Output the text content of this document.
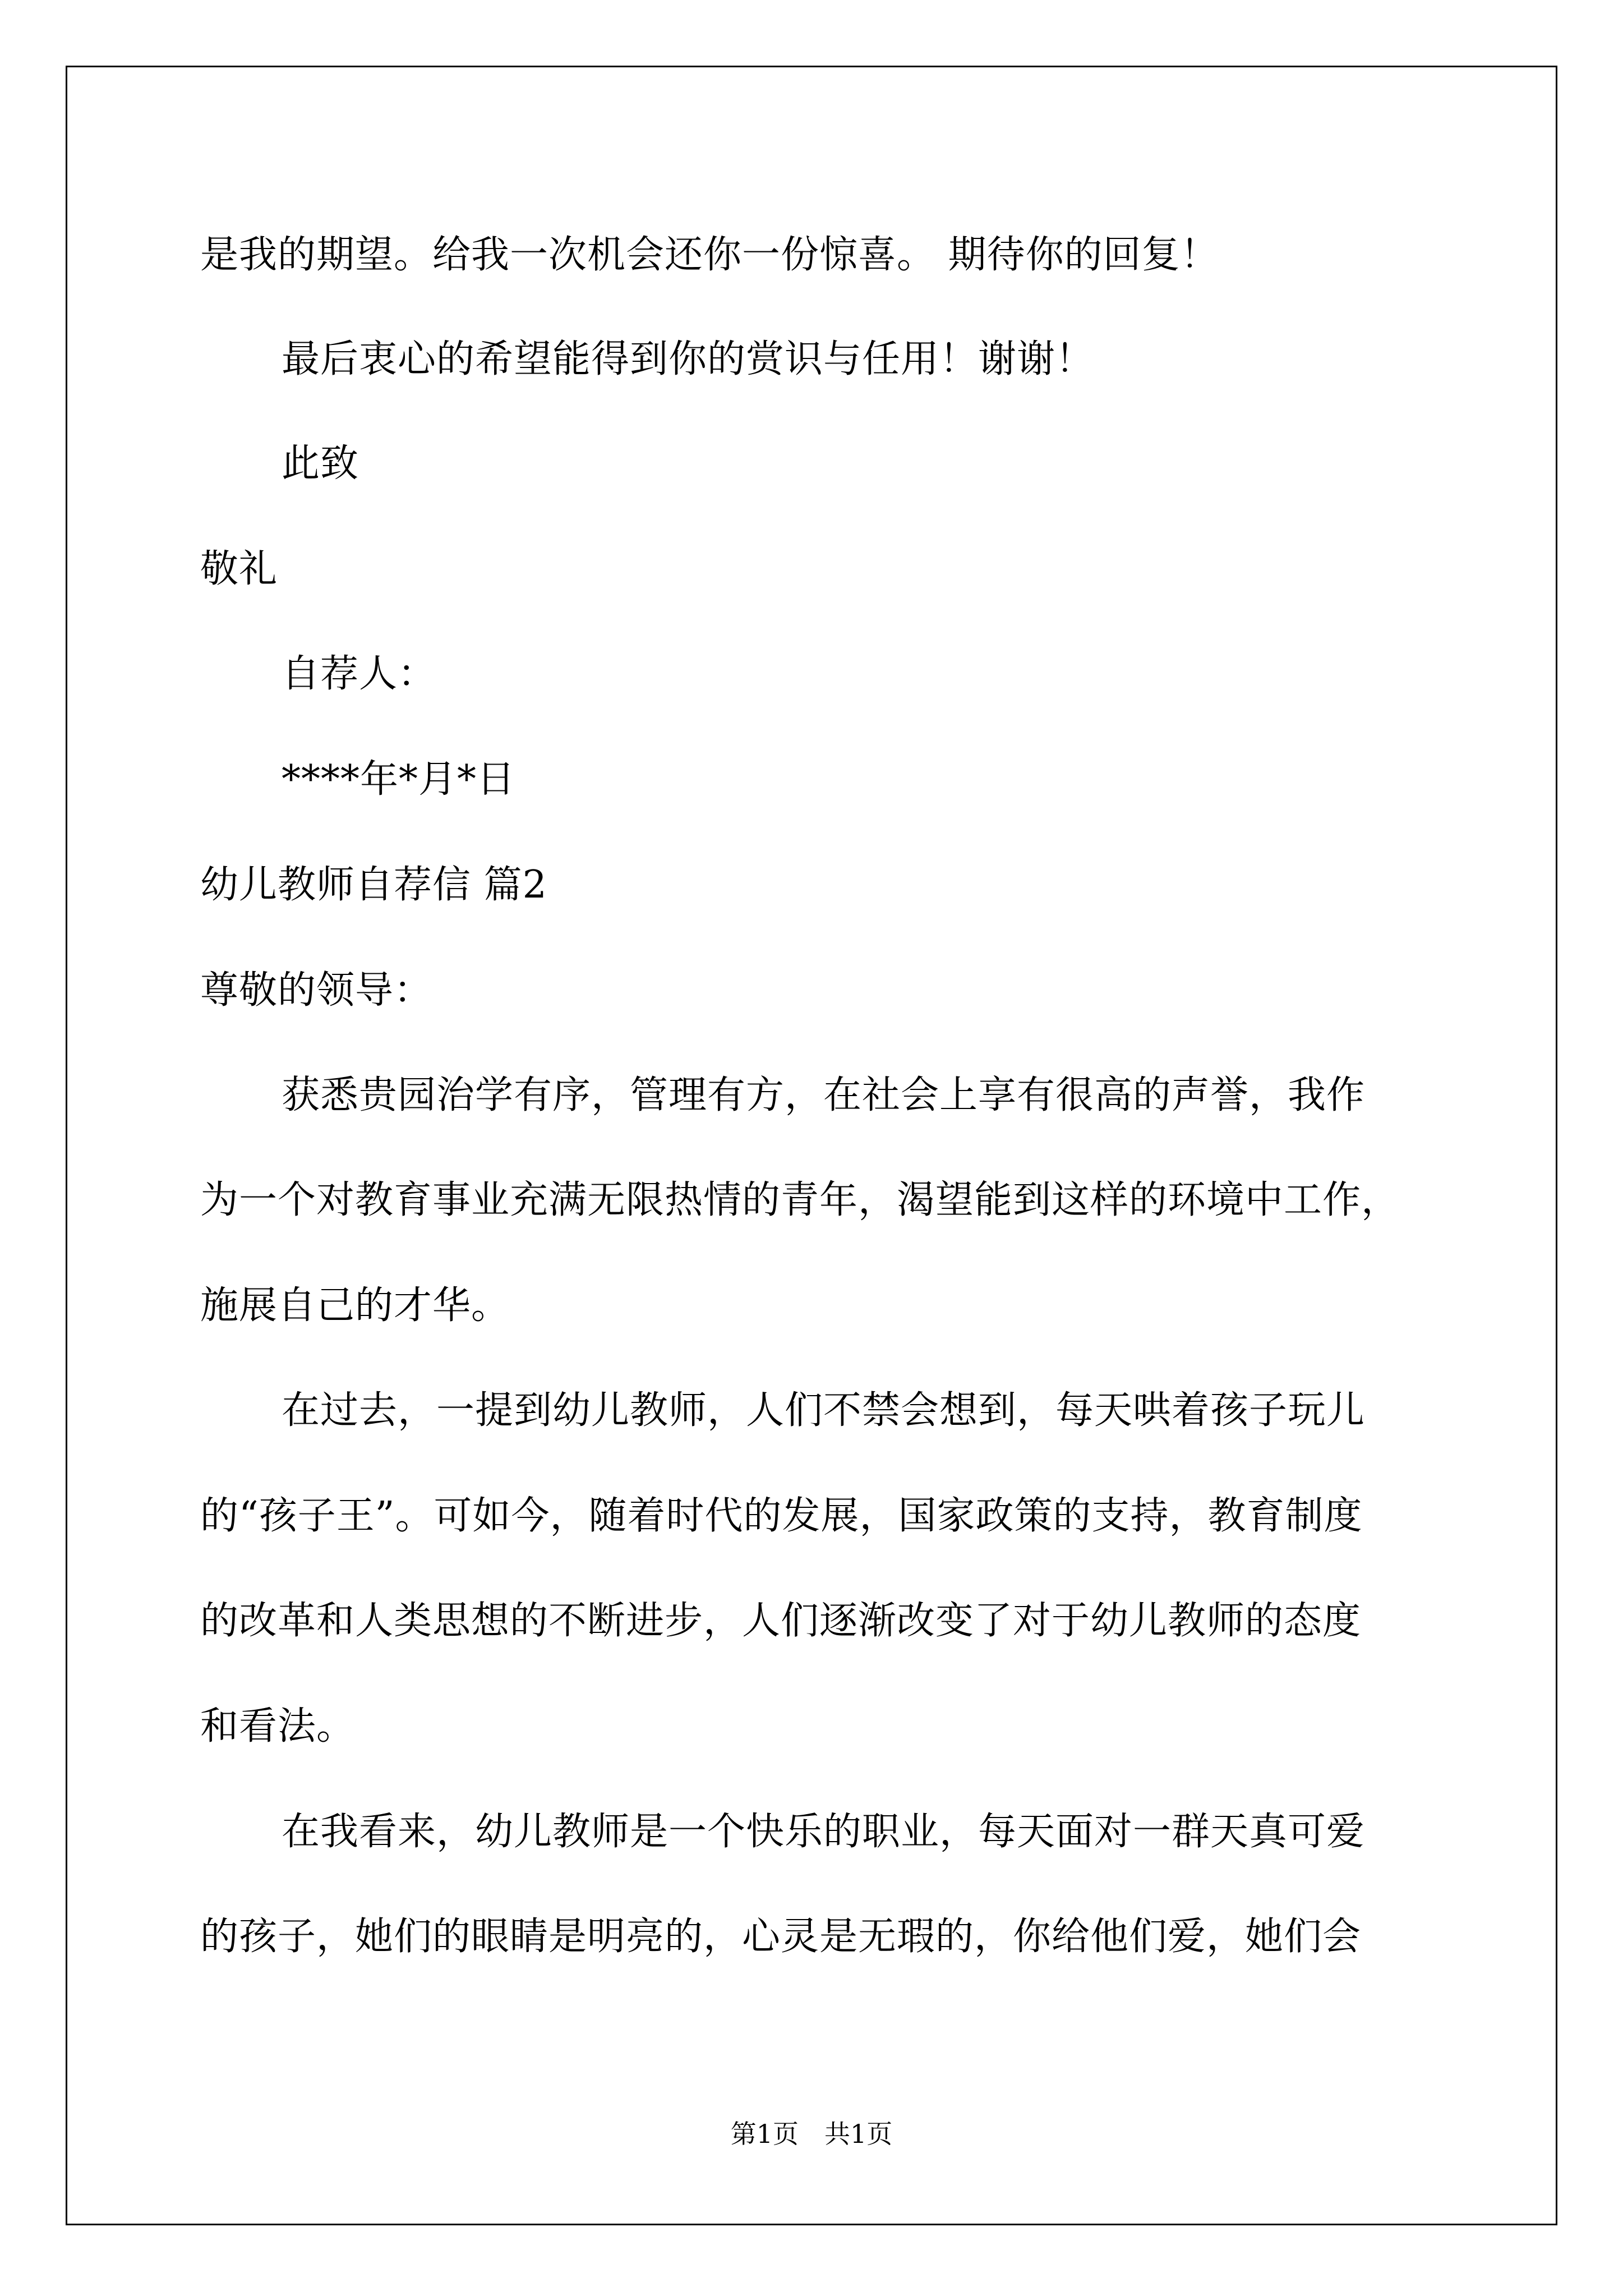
是我的期望。给我一次机会还你一份惊喜。 期待你的回复！
最后衷心的希望能得到你的赏识与任用！谢谢！
此致
敬礼
自荐人：
****年*月*日
幼儿教师自荐信 篇2
尊敬的领导：
获悉贵园治学有序，管理有方，在社会上享有很高的声誉，我作
为一个对教育事业充满无限热情的青年，渴望能到这样的环境中工作，
施展自己的才华。
在过去，一提到幼儿教师，人们不禁会想到，每天哄着孩子玩儿
的“孩子王”。可如今，随着时代的发展，国家政策的支持，教育制度
的改革和人类思想的不断进步，人们逐渐改变了对于幼儿教师的态度
和看法。
在我看来，幼儿教师是一个快乐的职业，每天面对一群天真可爱
的孩子，她们的眼睛是明亮的，心灵是无瑕的，你给他们爱，她们会
第1页　共1页
